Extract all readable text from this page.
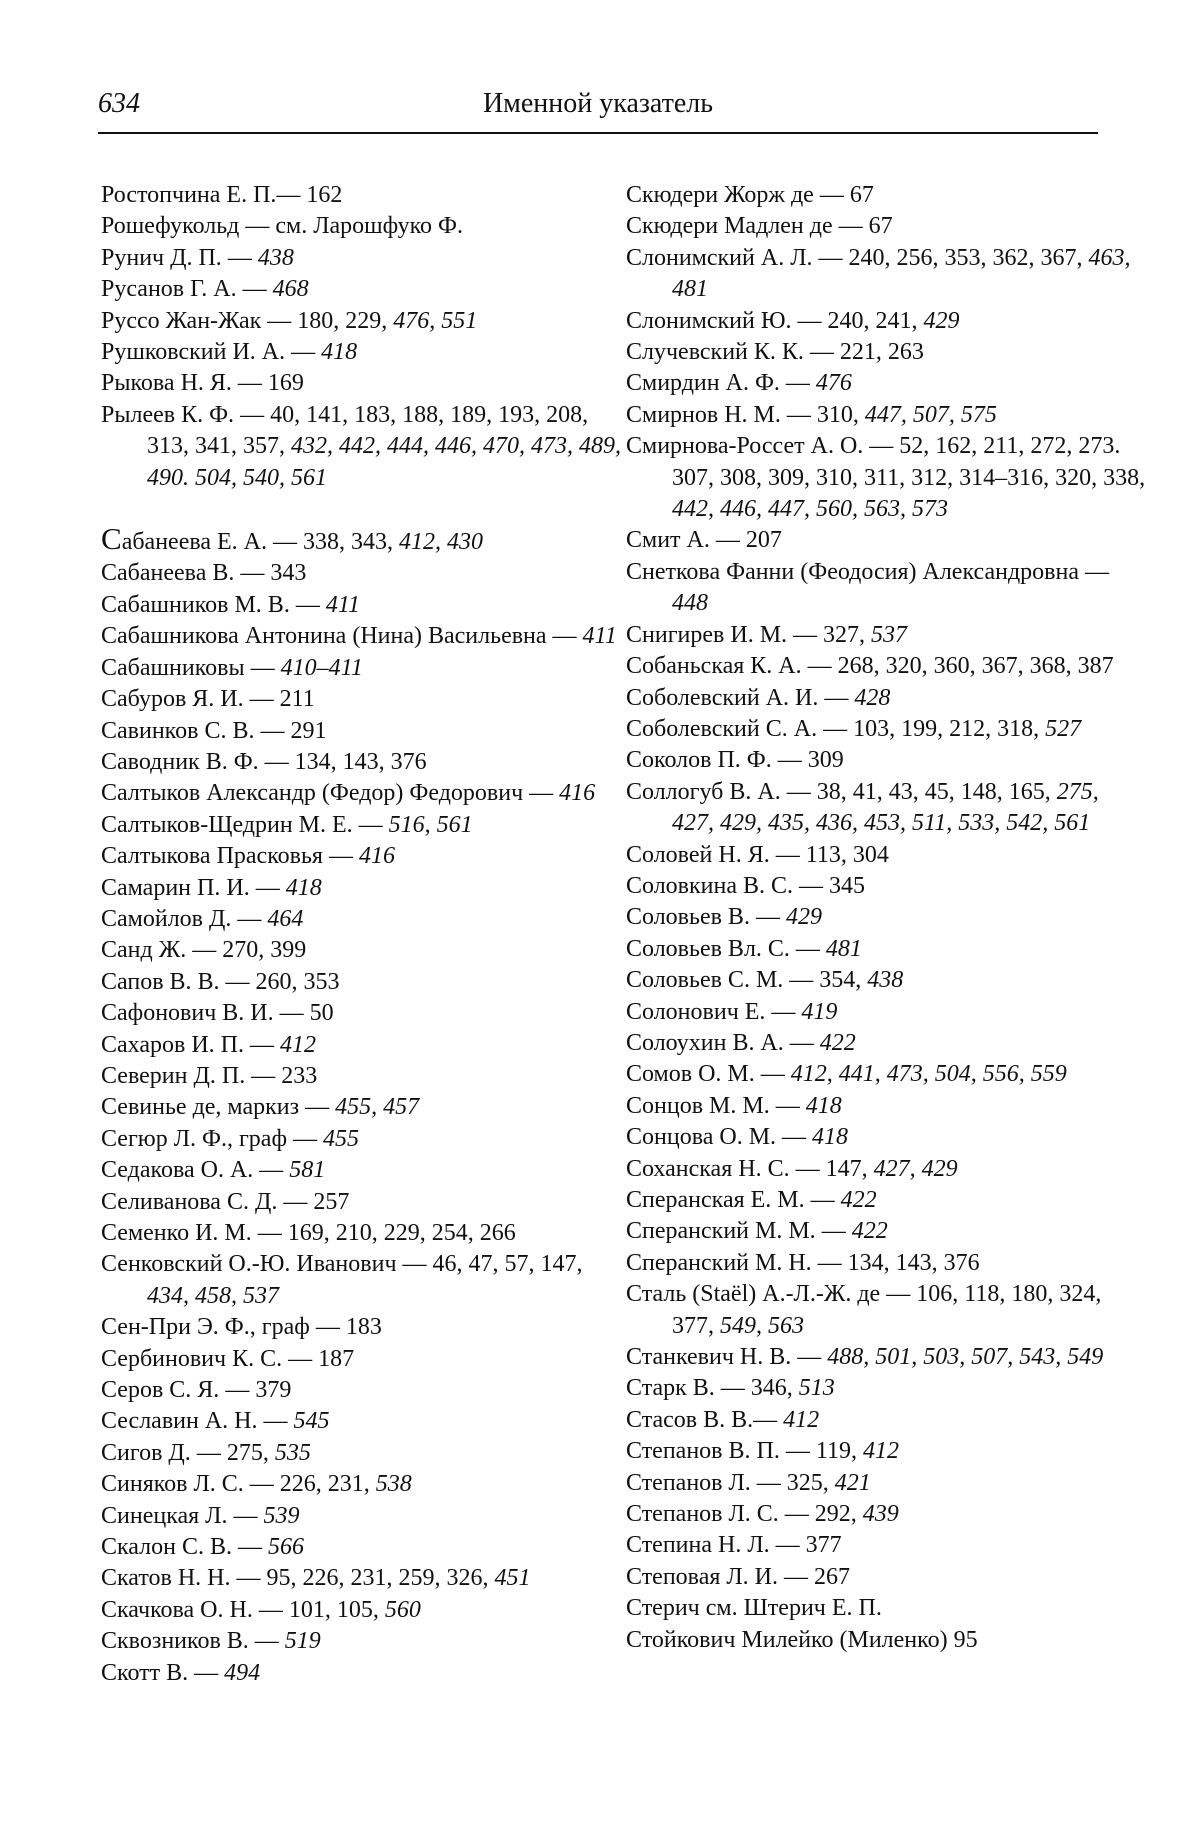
634	Именной указатель
Ростопчина Е. П.— 162
Рошефукольд — см. Ларошфуко Ф.
Рунич Д. П. — 438
Русанов Г. А. — 468
Руссо Жан-Жак — 180, 229, 476, 551
Рушковский И. А. — 418
Рыкова Н. Я. — 169
Рылеев К. Ф. — 40, 141, 183, 188, 189, 193, 208, 313, 341, 357, 432, 442, 444, 446, 470, 473, 489, 490. 504, 540, 561
Сабанеева Е. А. — 338, 343, 412, 430
Сабанеева В. — 343
Сабашников М. В. — 411
Сабашникова Антонина (Нина) Васильевна — 411
Сабашниковы — 410–411
Сабуров Я. И. — 211
Савинков С. В. — 291
Саводник В. Ф. — 134, 143, 376
Салтыков Александр (Федор) Федорович — 416
Салтыков-Щедрин М. Е. — 516, 561
Салтыкова Прасковья — 416
Самарин П. И. — 418
Самойлов Д. — 464
Санд Ж. — 270, 399
Сапов В. В. — 260, 353
Сафонович В. И. — 50
Сахаров И. П. — 412
Северин Д. П. — 233
Севинье де, маркиз — 455, 457
Сегюр Л. Ф., граф — 455
Седакова О. А. — 581
Селиванова С. Д. — 257
Семенко И. М. — 169, 210, 229, 254, 266
Сенковский О.-Ю. Иванович — 46, 47, 57, 147, 434, 458, 537
Сен-При Э. Ф., граф — 183
Сербинович К. С. — 187
Серов С. Я. — 379
Сеславин А. Н. — 545
Сигов Д. — 275, 535
Синяков Л. С. — 226, 231, 538
Синецкая Л. — 539
Скалон С. В. — 566
Скатов Н. Н. — 95, 226, 231, 259, 326, 451
Скачкова О. Н. — 101, 105, 560
Сквозников В. — 519
Скотт В. — 494
Скюдери Жорж де — 67
Скюдери Мадлен де — 67
Слонимский А. Л. — 240, 256, 353, 362, 367, 463, 481
Слонимский Ю. — 240, 241, 429
Случевский К. К. — 221, 263
Смирдин А. Ф. — 476
Смирнов Н. М. — 310, 447, 507, 575
Смирнова-Россет А. О. — 52, 162, 211, 272, 273. 307, 308, 309, 310, 311, 312, 314–316, 320, 338, 442, 446, 447, 560, 563, 573
Смит А. — 207
Снеткова Фанни (Феодосия) Александровна — 448
Снигирев И. М. — 327, 537
Собаньская К. А. — 268, 320, 360, 367, 368, 387
Соболевский А. И. — 428
Соболевский С. А. — 103, 199, 212, 318, 527
Соколов П. Ф. — 309
Соллогуб В. А. — 38, 41, 43, 45, 148, 165, 275, 427, 429, 435, 436, 453, 511, 533, 542, 561
Соловей Н. Я. — 113, 304
Соловкина В. С. — 345
Соловьев В. — 429
Соловьев Вл. С. — 481
Соловьев С. М. — 354, 438
Солонович Е. — 419
Солоухин В. А. — 422
Сомов О. М. — 412, 441, 473, 504, 556, 559
Сонцов М. М. — 418
Сонцова О. М. — 418
Соханская Н. С. — 147, 427, 429
Сперанская Е. М. — 422
Сперанский М. М. — 422
Сперанский М. Н. — 134, 143, 376
Сталь (Staël) А.-Л.-Ж. де — 106, 118, 180, 324, 377, 549, 563
Станкевич Н. В. — 488, 501, 503, 507, 543, 549
Старк В. — 346, 513
Стасов В. В.— 412
Степанов В. П. — 119, 412
Степанов Л. — 325, 421
Степанов Л. С. — 292, 439
Степина Н. Л. — 377
Степовая Л. И. — 267
Стерич см. Штерич Е. П.
Стойкович Милейко (Миленко) 95
